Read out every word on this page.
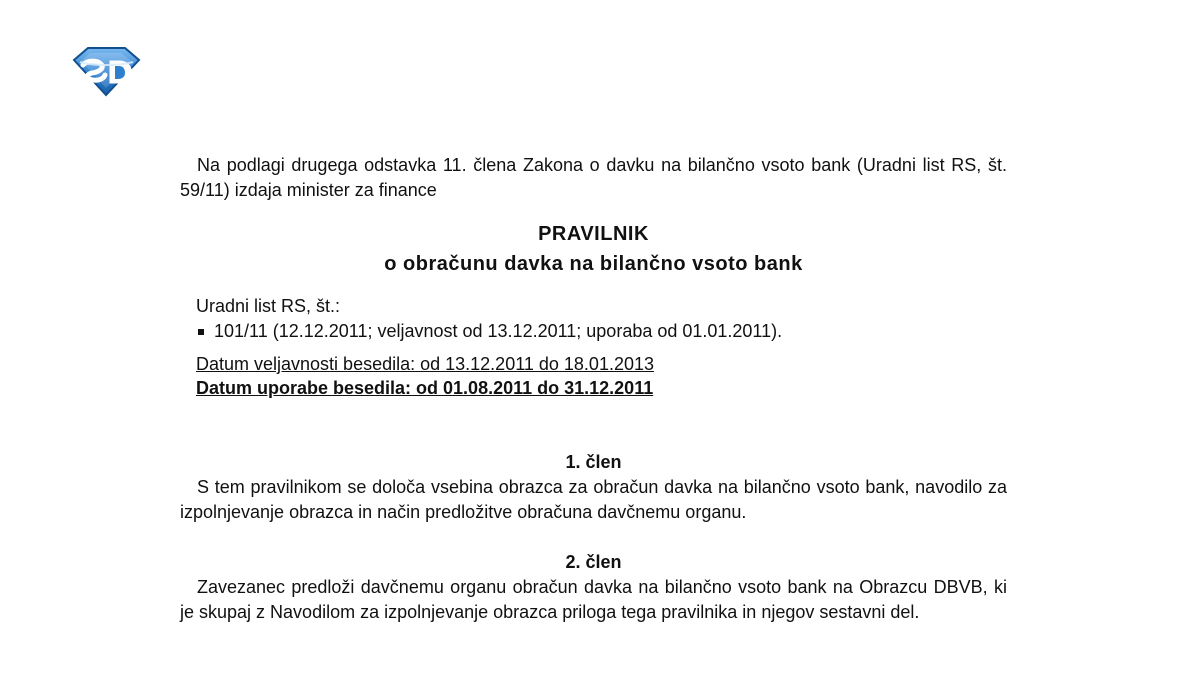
Na podlagi drugega odstavka 11. člena Zakona o davku na bilančno vsoto bank (Uradni list RS, št. 59/11) izdaja minister za finance

PRAVILNIK
o obračunu davka na bilančno vsoto bank
Uradni list RS, št.:
101/11 (12.12.2011; veljavnost od 13.12.2011; uporaba od 01.01.2011).
Datum veljavnosti besedila: od 13.12.2011 do 18.01.2013
Datum uporabe besedila: od 01.08.2011 do 31.12.2011
1. člen

S tem pravilnikom se določa vsebina obrazca za obračun davka na bilančno vsoto bank, navodilo za izpolnjevanje obrazca in način predložitve obračuna davčnemu organu.

2. člen

Zavezanec predloži davčnemu organu obračun davka na bilančno vsoto bank na Obrazcu DBVB, ki je skupaj z Navodilom za izpolnjevanje obrazca priloga tega pravilnika in njegov sestavni del.
